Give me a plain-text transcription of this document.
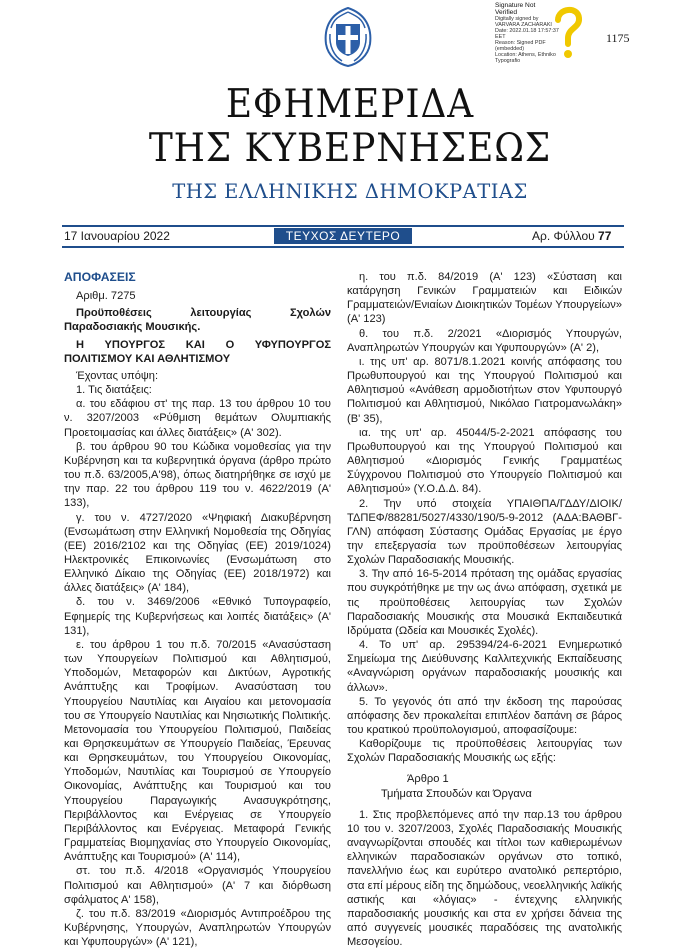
Signature Not
Verified
Digitally signed by
VARVARA ZACHARAKI
Date: 2022.01.18 17:57:37
EET
Reason: Signed PDF
(embedded)
Location: Athens, Ethniko
Typografio
1175
ΕΦΗΜΕΡΙΔΑ
ΤΗΣ ΚΥΒΕΡΝΗΣΕΩΣ
ΤΗΣ ΕΛΛΗΝΙΚΗΣ ΔΗΜΟΚΡΑΤΙΑΣ
17 Ιανουαρίου 2022	ΤΕΥΧΟΣ ΔΕΥΤΕΡΟ	Αρ. Φύλλου 77

ΑΠΟΦΑΣΕΙΣ

Αριθμ. 7275

Προϋποθέσεις λειτουργίας Σχολών Παραδοσιακής Μουσικής.

Η ΥΠΟΥΡΓΟΣ ΚΑΙ Ο ΥΦΥΠΟΥΡΓΟΣ ΠΟΛΙΤΙΣΜΟΥ ΚΑΙ ΑΘΛΗΤΙΣΜΟΥ

Έχοντας υπόψη:

1. Τις διατάξεις:

α. του εδάφιου στ' της παρ. 13 του άρθρου 10 του ν. 3207/2003 «Ρύθμιση θεμάτων Ολυμπιακής Προετοιμασίας και άλλες διατάξεις» (Α' 302).

β. του άρθρου 90 του Κώδικα νομοθεσίας για την Κυβέρνηση και τα κυβερνητικά όργανα (άρθρο πρώτο του π.δ. 63/2005,Α'98), όπως διατηρήθηκε σε ισχύ με την παρ. 22 του άρθρου 119 του ν. 4622/2019 (Α' 133),

γ. του ν. 4727/2020 «Ψηφιακή Διακυβέρνηση (Ενσωμάτωση στην Ελληνική Νομοθεσία της Οδηγίας (ΕΕ) 2016/2102 και της Οδηγίας (ΕΕ) 2019/1024) Ηλεκτρονικές Επικοινωνίες (Ενσωμάτωση στο Ελληνικό Δίκαιο της Οδηγίας (ΕΕ) 2018/1972) και άλλες διατάξεις» (Α' 184),

δ. του ν. 3469/2006 «Εθνικό Τυπογραφείο, Εφημερίς της Κυβερνήσεως και λοιπές διατάξεις» (Α' 131),

ε. του άρθρου 1 του π.δ. 70/2015 «Ανασύσταση των Υπουργείων Πολιτισμού και Αθλητισμού, Υποδομών, Μεταφορών και Δικτύων, Αγροτικής Ανάπτυξης και Τροφίμων. Ανασύσταση του Υπουργείου Ναυτιλίας και Αιγαίου και μετονομασία του σε Υπουργείο Ναυτιλίας και Νησιωτικής Πολιτικής. Μετονομασία του Υπουργείου Πολιτισμού, Παιδείας και Θρησκευμάτων σε Υπουργείο Παιδείας, Έρευνας και Θρησκευμάτων, του Υπουργείου Οικονομίας, Υποδομών, Ναυτιλίας και Τουρισμού σε Υπουργείο Οικονομίας, Ανάπτυξης και Τουρισμού και του Υπουργείου Παραγωγικής Ανασυγκρότησης, Περιβάλλοντος και Ενέργειας σε Υπουργείο Περιβάλλοντος και Ενέργειας. Μεταφορά Γενικής Γραμματείας Βιομηχανίας στο Υπουργείο Οικονομίας, Ανάπτυξης και Τουρισμού» (Α' 114),

στ. του π.δ. 4/2018 «Οργανισμός Υπουργείου Πολιτισμού και Αθλητισμού» (Α' 7 και διόρθωση σφάλματος Α' 158),

ζ. του π.δ. 83/2019 «Διορισμός Αντιπροέδρου της Κυβέρνησης, Υπουργών, Αναπληρωτών Υπουργών και Υφυπουργών» (Α' 121),

η. του π.δ. 84/2019 (Α' 123) «Σύσταση και κατάργηση Γενικών Γραμματειών και Ειδικών Γραμματειών/Ενιαίων Διοικητικών Τομέων Υπουργείων» (Α' 123)

θ. του π.δ. 2/2021 «Διορισμός Υπουργών, Αναπληρωτών Υπουργών και Υφυπουργών» (Α' 2),

ι. της υπ' αρ. 8071/8.1.2021 κοινής απόφασης του Πρωθυπουργού και της Υπουργού Πολιτισμού και Αθλητισμού «Ανάθεση αρμοδιοτήτων στον Υφυπουργό Πολιτισμού και Αθλητισμού, Νικόλαο Γιατρομανωλάκη» (Β' 35),

ια. της υπ' αρ. 45044/5-2-2021 απόφασης του Πρωθυπουργού και της Υπουργού Πολιτισμού και Αθλητισμού «Διορισμός Γενικής Γραμματέως Σύγχρονου Πολιτισμού στο Υπουργείο Πολιτισμού και Αθλητισμού» (Υ.Ο.Δ.Δ. 84).

2. Την υπό στοιχεία ΥΠΑΙΘΠΑ/ΓΔΔΥ/ΔΙΟΙΚ/ΤΔΠΕΦ/88281/5027/4330/190/5-9-2012 (ΑΔΑ:ΒΑΘΒΓ-ΓΛΝ) απόφαση Σύστασης Ομάδας Εργασίας με έργο την επεξεργασία των προϋποθέσεων λειτουργίας Σχολών Παραδοσιακής Μουσικής.

3. Την από 16-5-2014 πρόταση της ομάδας εργασίας που συγκρότήθηκε με την ως άνω απόφαση, σχετικά με τις προϋποθέσεις λειτουργίας των Σχολών Παραδοσιακής Μουσικής στα Μουσικά Εκπαιδευτικά Ιδρύματα (Ωδεία και Μουσικές Σχολές).

4. Το υπ' αρ. 295394/24-6-2021 Ενημερωτικό Σημείωμα της Διεύθυνσης Καλλιτεχνικής Εκπαίδευσης «Αναγνώριση οργάνων παραδοσιακής μουσικής και άλλων».

5. Το γεγονός ότι από την έκδοση της παρούσας απόφασης δεν προκαλείται επιπλέον δαπάνη σε βάρος του κρατικού προϋπολογισμού, αποφασίζουμε:

Καθορίζουμε τις προϋποθέσεις λειτουργίας των Σχολών Παραδοσιακής Μουσικής ως εξής:

Άρθρο 1

Τμήματα Σπουδών και Όργανα

1. Στις προβλεπόμενες από την παρ.13 του άρθρου 10 του ν. 3207/2003, Σχολές Παραδοσιακής Μουσικής αναγνωρίζονται σπουδές και τίτλοι των καθιερωμένων ελληνικών παραδοσιακών οργάνων στο τοπικό, πανελλήνιο έως και ευρύτερο ανατολικό ρεπερτόριο, στα επί μέρους είδη της δημώδους, νεοελληνικής λαϊκής αστικής και «λόγιας» - έντεχνης ελληνικής παραδοσιακής μουσικής και στα εν χρήσει δάνεια της από συγγενείς μουσικές παραδόσεις της ανατολικής Μεσογείου.
